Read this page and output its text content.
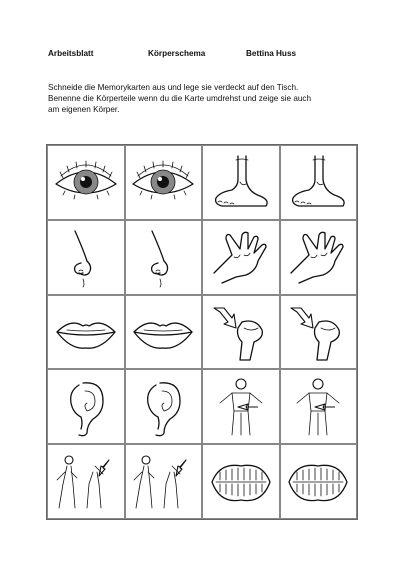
Arbeitsblatt	Körperschema	Bettina Huss
Schneide die Memorykarten aus und lege sie verdeckt auf den Tisch.
Benenne die Körperteile wenn du die Karte umdrehst und zeige sie auch
am eigenen Körper.
